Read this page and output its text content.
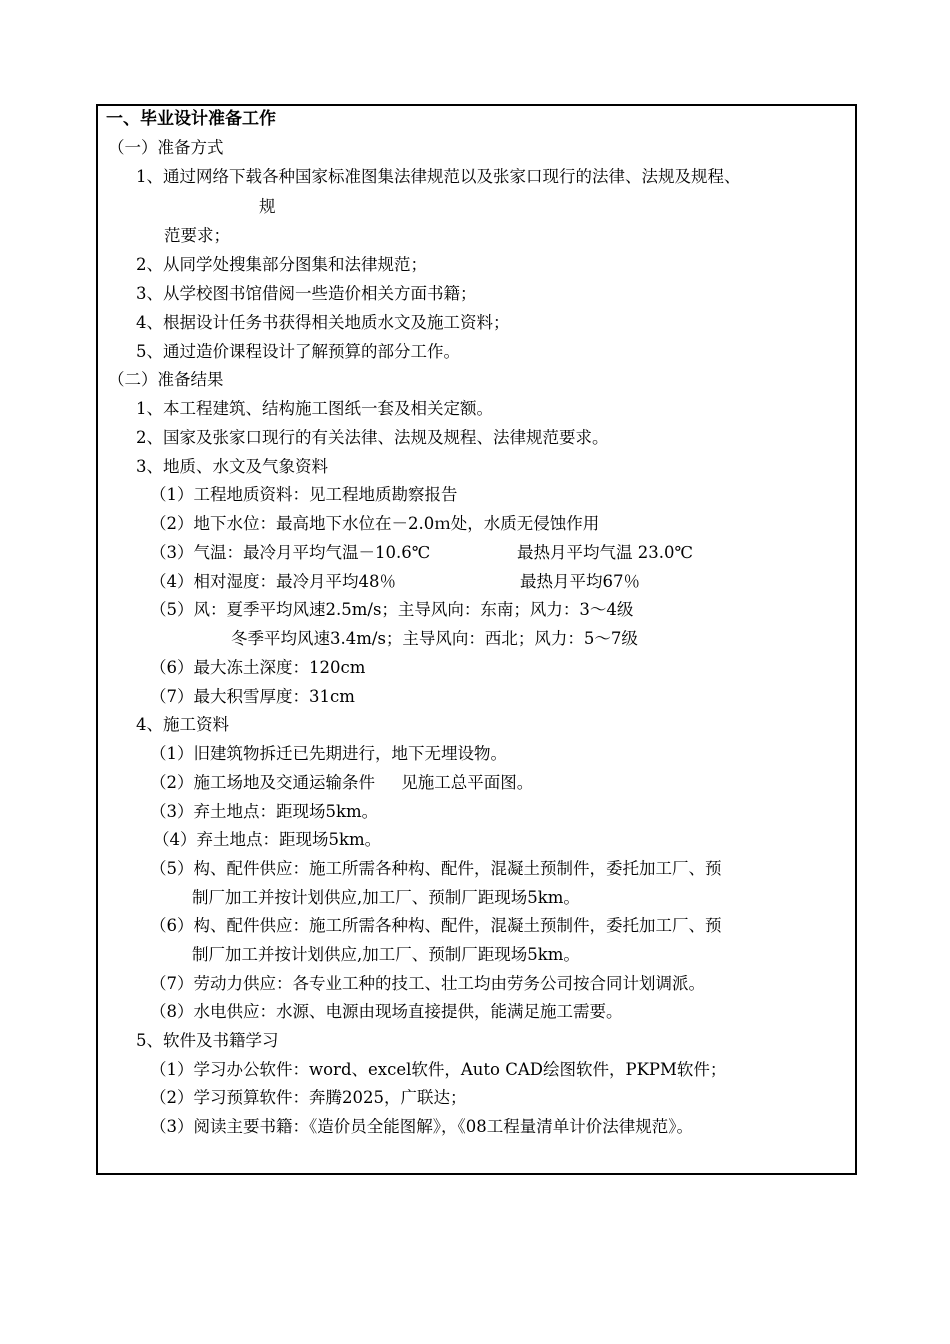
一、毕业设计准备工作
（一）准备方式
1、通过网络下载各种国家标准图集法律规范以及张家口现行的法律、法规及规程、
规
范要求；
2、从同学处搜集部分图集和法律规范；
3、从学校图书馆借阅一些造价相关方面书籍；
4、根据设计任务书获得相关地质水文及施工资料；
5、通过造价课程设计了解预算的部分工作。
（二）准备结果
1、本工程建筑、结构施工图纸一套及相关定额。
2、国家及张家口现行的有关法律、法规及规程、法律规范要求。
3、地质、水文及气象资料
（1）工程地质资料：见工程地质勘察报告
（2）地下水位：最高地下水位在－2.0ｍ处，水质无侵蚀作用
（3）气温：最冷月平均气温－10.6℃	最热月平均气温 23.0℃
（4）相对湿度：最冷月平均48％	最热月平均67％
（5）风：夏季平均风速2.5m/s；主导风向：东南；风力：3～4级
冬季平均风速3.4m/s；主导风向：西北；风力：5～7级
（6）最大冻土深度：120cm
（7）最大积雪厚度：31cm
4、施工资料
（1）旧建筑物拆迁已先期进行，地下无埋设物。
（2）施工场地及交通运输条件     见施工总平面图。
（3）弃土地点：距现场5km。
（4）弃土地点：距现场5km。
（5）构、配件供应：施工所需各种构、配件，混凝土预制件，委托加工厂、预
制厂加工并按计划供应,加工厂、预制厂距现场5km。
（6）构、配件供应：施工所需各种构、配件，混凝土预制件，委托加工厂、预
制厂加工并按计划供应,加工厂、预制厂距现场5km。
（7）劳动力供应：各专业工种的技工、壮工均由劳务公司按合同计划调派。
（8）水电供应：水源、电源由现场直接提供，能满足施工需要。
5、软件及书籍学习
（1）学习办公软件：word、excel软件，Auto CAD绘图软件，PKPM软件；
（2）学习预算软件：奔腾2025，广联达；
（3）阅读主要书籍：《造价员全能图解》，《08工程量清单计价法律规范》。
